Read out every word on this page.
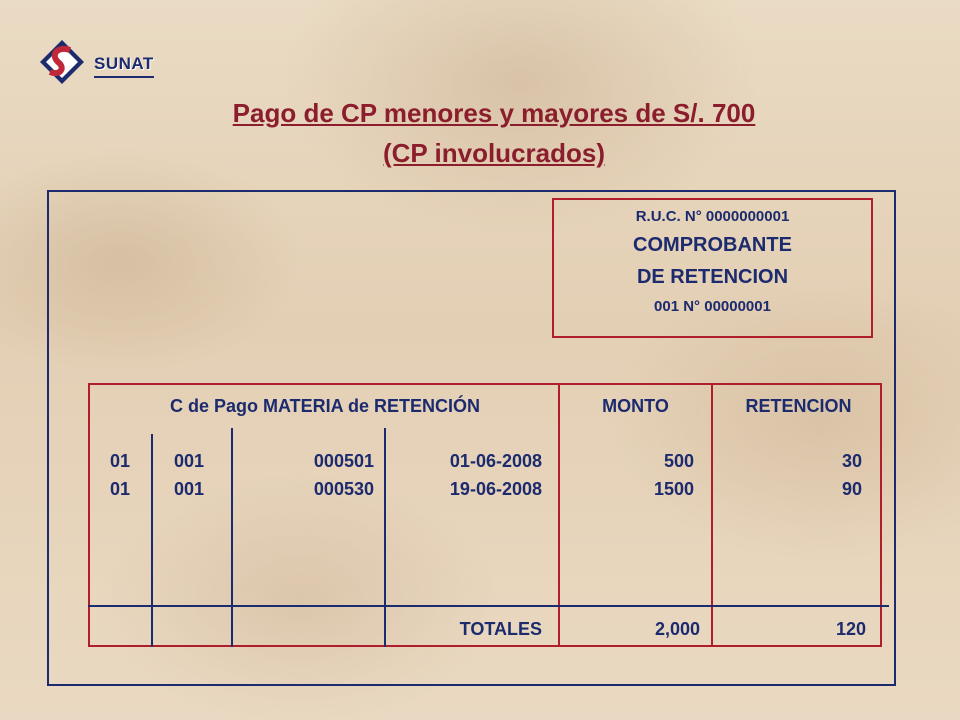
SUNAT
Pago de CP menores y mayores de S/. 700
(CP involucrados)
R.U.C. N° 0000000001
COMPROBANTE
DE RETENCION
001 N° 00000001
C de Pago MATERIA de RETENCIÓN	MONTO	RETENCION
01 001	000501	01-06-2008	500	30
01 001	000530	19-06-2008	1500	90
TOTALES	2,000	120
